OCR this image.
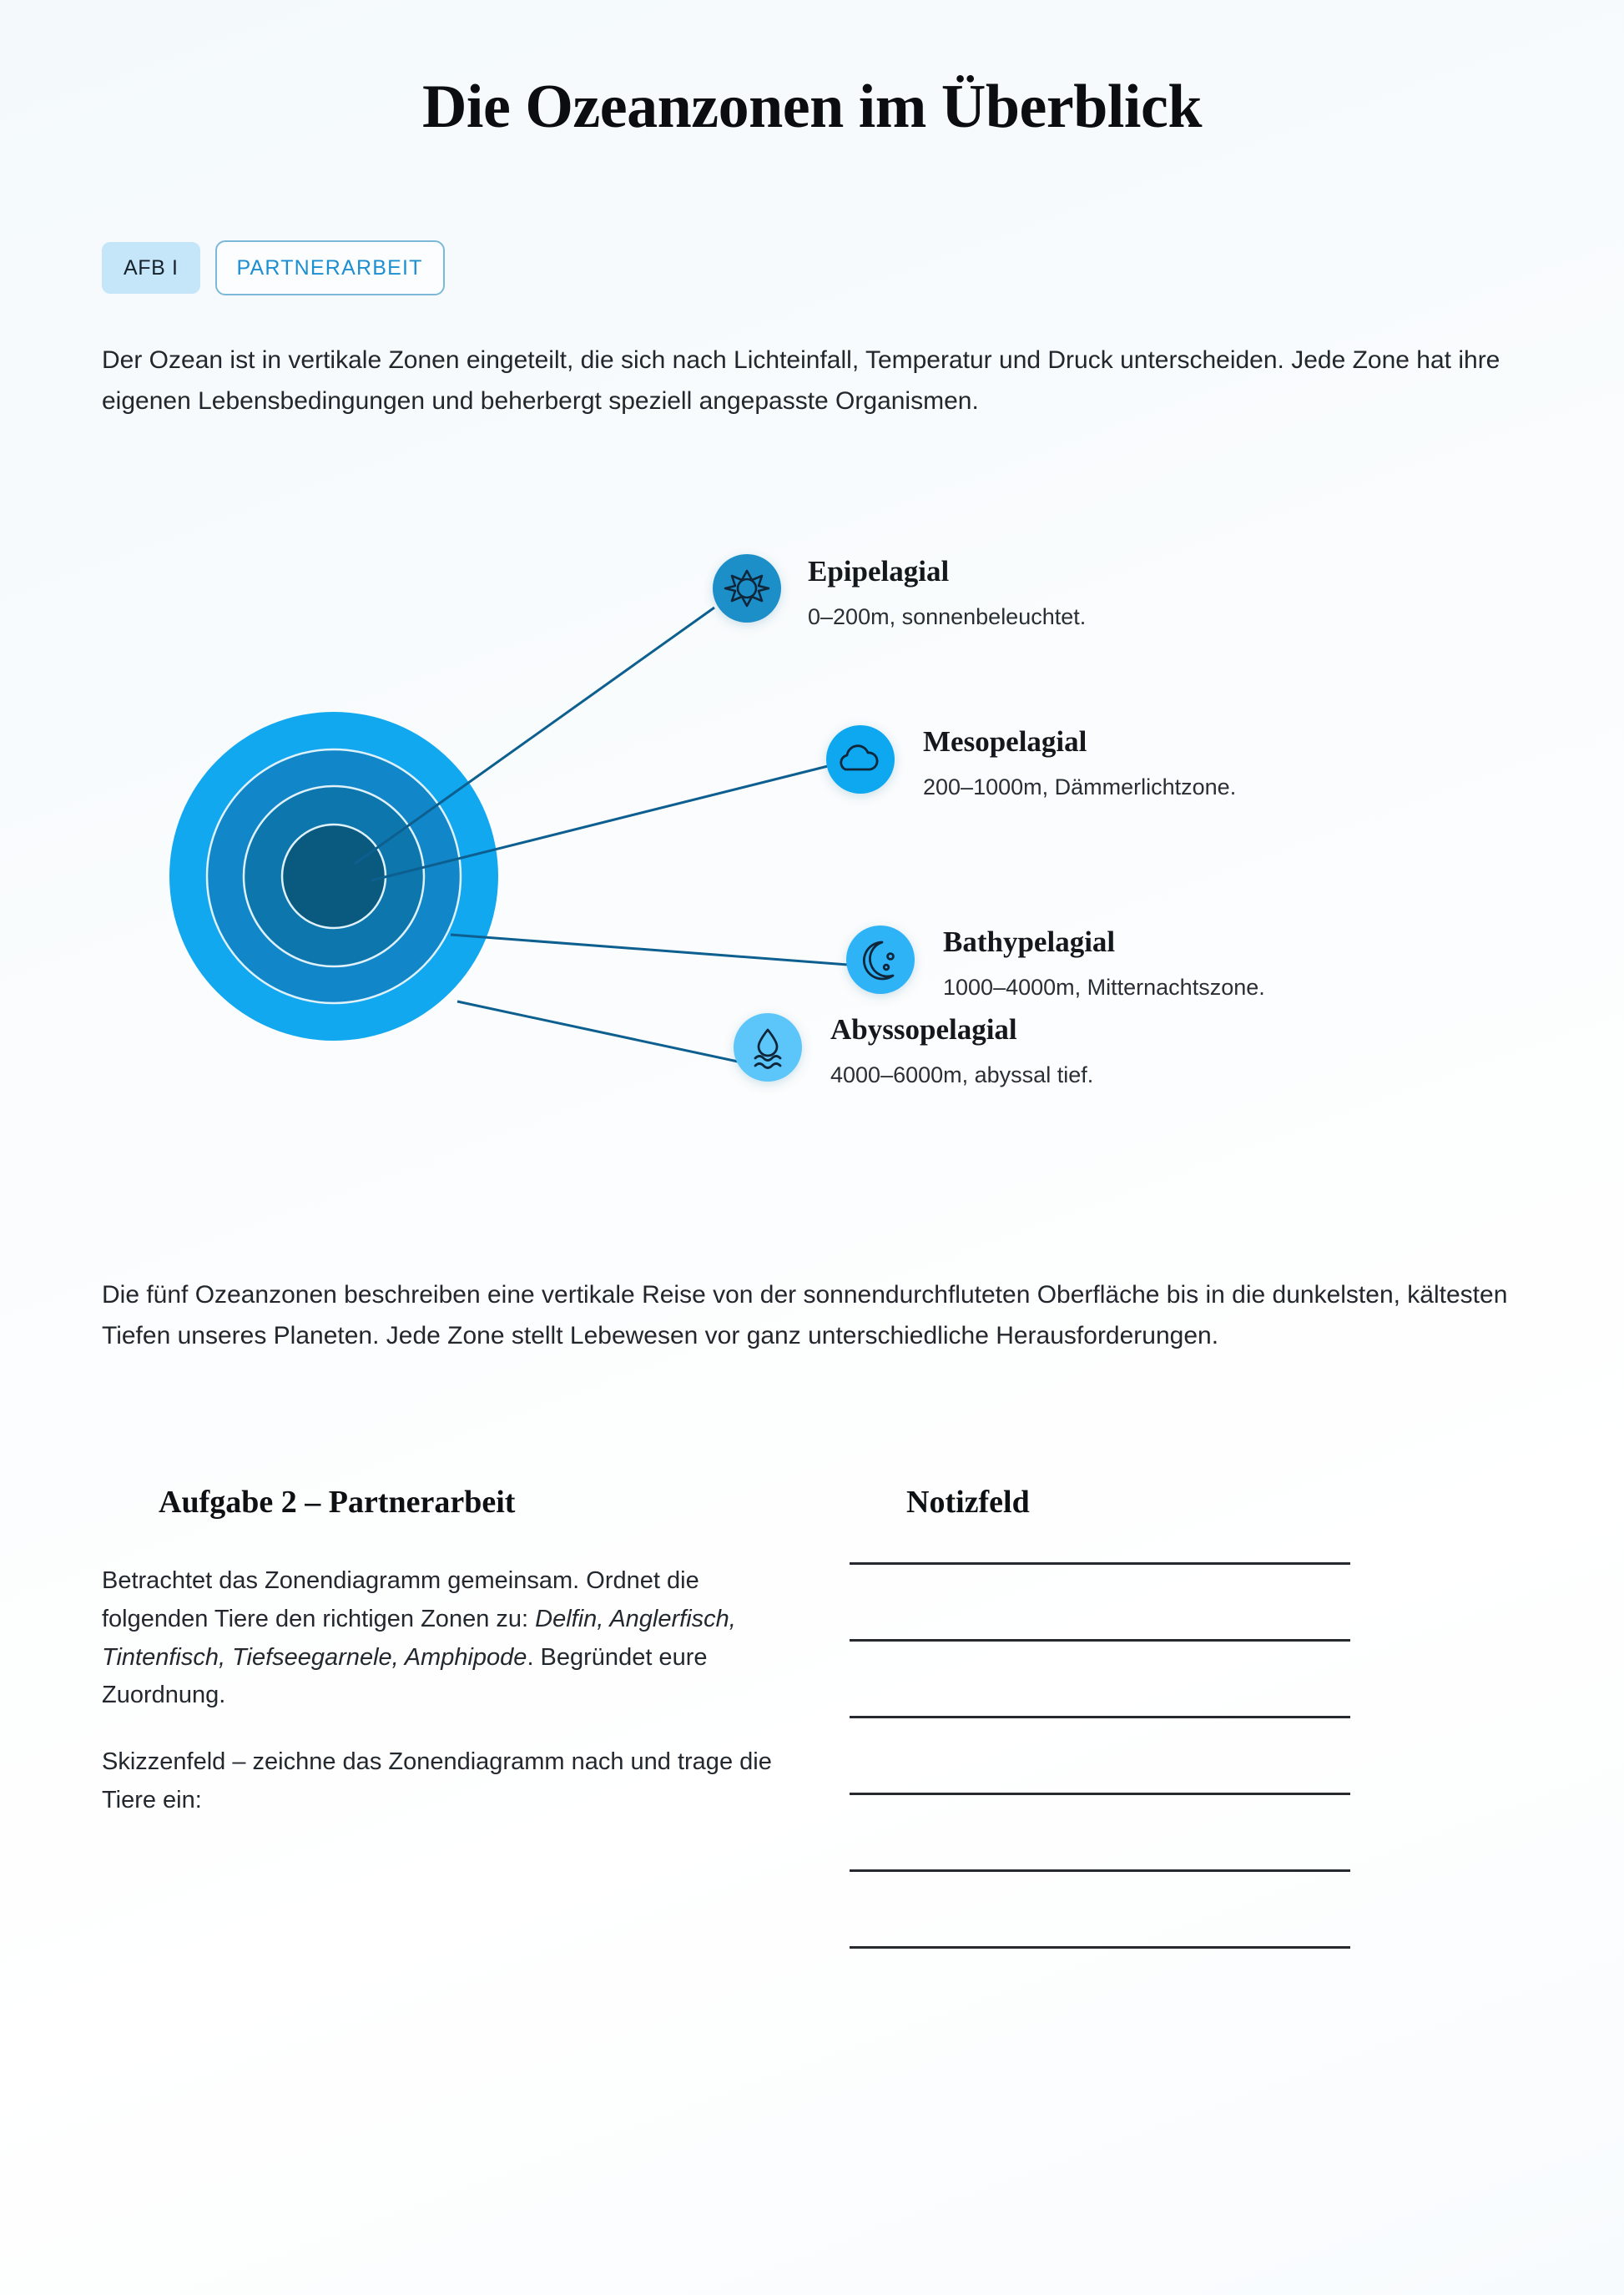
Die Ozeanzonen im Überblick
AFB I	PARTNERARBEIT

Der Ozean ist in vertikale Zonen eingeteilt, die sich nach Lichteinfall, Temperatur und Druck unterscheiden. Jede Zone hat ihre eigenen Lebensbedingungen und beherbergt speziell angepasste Organismen.

Epipelagial
0–200m, sonnenbeleuchtet.
Mesopelagial
200–1000m, Dämmerlichtzone.
Bathypelagial
1000–4000m, Mitternachtszone.
Abyssopelagial
4000–6000m, abyssal tief.

Die fünf Ozeanzonen beschreiben eine vertikale Reise von der sonnendurchfluteten Oberfläche bis in die dunkelsten, kältesten Tiefen unseres Planeten. Jede Zone stellt Lebewesen vor ganz unterschiedliche Herausforderungen.

Aufgabe 2 – Partnerarbeit	Notizfeld

Betrachtet das Zonendiagramm gemeinsam. Ordnet die folgenden Tiere den richtigen Zonen zu: Delfin, Anglerfisch, Tintenfisch, Tiefseegarnele, Amphipode. Begründet eure Zuordnung.

Skizzenfeld – zeichne das Zonendiagramm nach und trage die Tiere ein:
